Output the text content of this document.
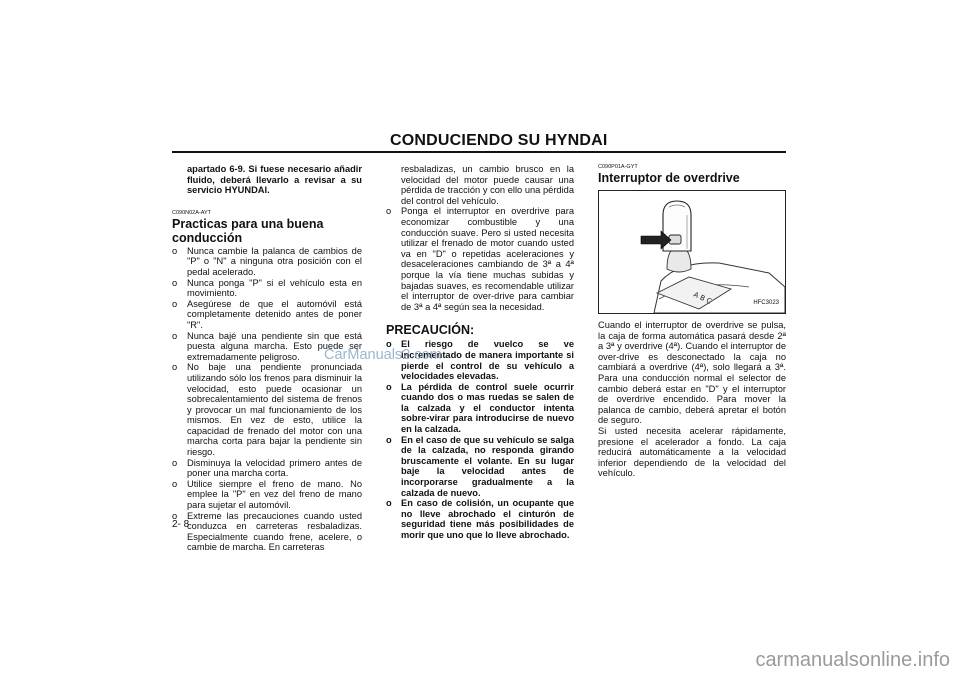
CONDUCIENDO SU HYNDAI

apartado 6-9. Si fuese necesario añadir fluido, deberá llevarlo a revisar a su servicio HYUNDAI.

C090N02A-AYT

Practicas para una buena conducción

o Nunca cambie la palanca de cambios de "P" o "N" a ninguna otra posición con el pedal acelerado.
o Nunca ponga "P" si el vehículo esta en movimiento.
o Asegúrese de que el automóvil está completamente detenido antes de poner "R".
o Nunca bajé una pendiente sin que está puesta alguna marcha. Esto puede ser extremadamente peligroso.
o No baje una pendiente pronunciada utilizando sólo los frenos para disminuir la velocidad, esto puede ocasionar un sobrecalentamiento del sistema de frenos y provocar un mal funcionamiento de los mismos. En vez de esto, utilice la capacidad de frenado del motor con una marcha corta para bajar la pendiente sin riesgo.
o Disminuya la velocidad primero antes de poner una marcha corta.
o Utilice siempre el freno de mano. No emplee la "P" en vez del freno de mano para sujetar el automóvil.
o Extreme las precauciones cuando usted conduzca en carreteras resbaladizas. Especialmente cuando frene, acelere, o cambie de marcha. En carreteras

resbaladizas, un cambio brusco en la velocidad del motor puede causar una pérdida de tracción y con ello una pérdida del control del vehículo.

o Ponga el interruptor en overdrive para economizar combustible y una conducción suave. Pero si usted necesita utilizar el frenado de motor cuando usted va en "D" o repetidas aceleraciones y desaceleraciones cambiando de 3ª a 4ª porque la vía tiene muchas subidas y bajadas suaves, es recomendable utilizar el interruptor de over-drive para cambiar de 3ª a 4ª según sea la necesidad.

PRECAUCIÓN:

o El riesgo de vuelco se ve incrementado de manera importante si pierde el control de su vehículo a velocidades elevadas.
o La pérdida de control suele ocurrir cuando dos o mas ruedas se salen de la calzada y el conductor intenta sobre-virar para introducirse de nuevo en la calzada.
o En el caso de que su vehículo se salga de la calzada, no responda girando bruscamente el volante. En su lugar baje la velocidad antes de incorporarse gradualmente a la calzada de nuevo.
o En caso de colisión, un ocupante que no lleve abrochado el cinturón de seguridad tiene más posibilidades de morir que uno que lo lleve abrochado.

C090P01A-GYT

Interruptor de overdrive

A B C	HFC3023

Cuando el interruptor de overdrive se pulsa, la caja de forma automática pasará desde 2ª a 3ª y overdrive (4ª). Cuando el interruptor de over-drive es desconectado la caja no cambiará a overdrive (4ª), solo llegará a 3ª. Para una conducción normal el selector de cambio deberá estar en "D" y el interruptor de overdrive encendido. Para mover la palanca de cambio, deberá apretar el botón de seguro.

Si usted necesita acelerar rápidamente, presione el acelerador a fondo. La caja reducirá automáticamente a la velocidad inferior dependiendo de la velocidad del vehículo.

2- 8
CarManuals2.com
carmanualsonline.info
